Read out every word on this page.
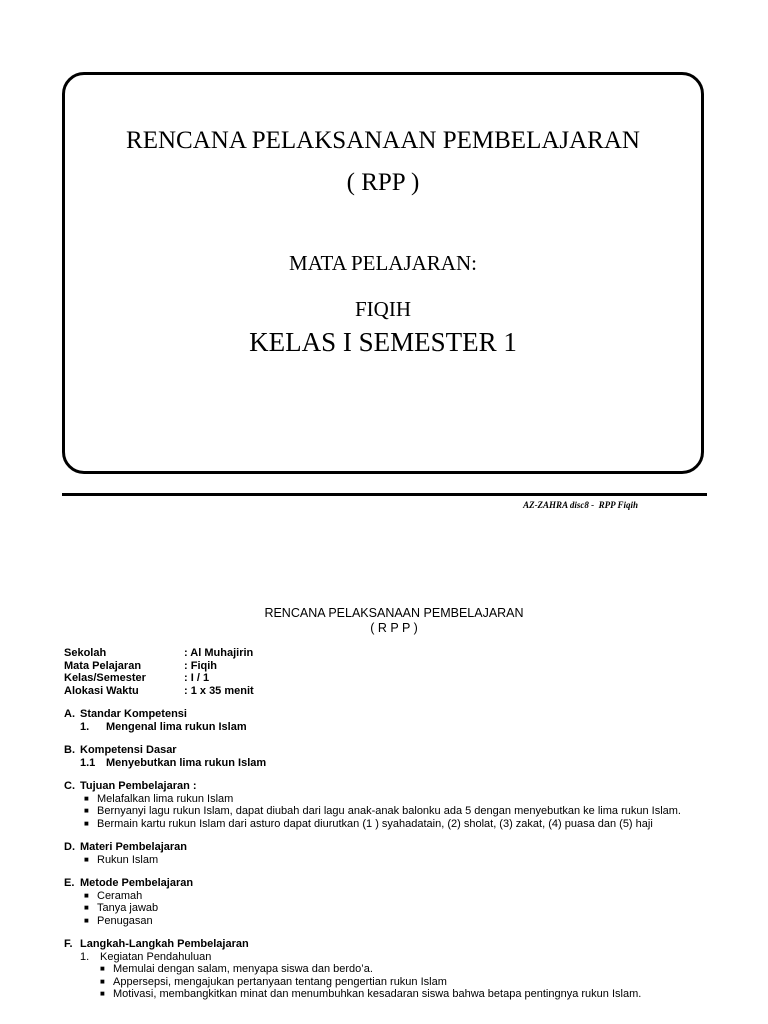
RENCANA PELAKSANAAN PEMBELAJARAN
( RPP )
MATA PELAJARAN:
FIQIH
KELAS I SEMESTER 1
AZ-ZAHRA disc8 -  RPP Fiqih
RENCANA PELAKSANAAN PEMBELAJARAN
( R P P )
Sekolah	: Al Muhajirin
Mata Pelajaran	: Fiqih
Kelas/Semester	: I / 1
Alokasi Waktu	: 1 x 35 menit
A. Standar Kompetensi
1.	Mengenal lima rukun Islam
B. Kompetensi Dasar
1.1 Menyebutkan lima rukun Islam
C. Tujuan Pembelajaran :
■ Melafalkan lima rukun Islam
■ Bernyanyi lagu rukun Islam, dapat diubah dari lagu anak-anak balonku ada 5 dengan menyebutkan ke lima rukun Islam.
■ Bermain kartu rukun Islam dari asturo dapat diurutkan (1 ) syahadatain, (2) sholat, (3) zakat, (4) puasa dan (5) haji
D. Materi Pembelajaran
■ Rukun Islam
E. Metode Pembelajaran
■ Ceramah
■ Tanya jawab
■ Penugasan
F. Langkah-Langkah Pembelajaran
1. Kegiatan Pendahuluan
■ Memulai dengan salam, menyapa siswa dan berdo’a.
■ Appersepsi, mengajukan pertanyaan tentang pengertian rukun Islam
■ Motivasi, membangkitkan minat dan menumbuhkan kesadaran siswa bahwa betapa pentingnya rukun Islam.
